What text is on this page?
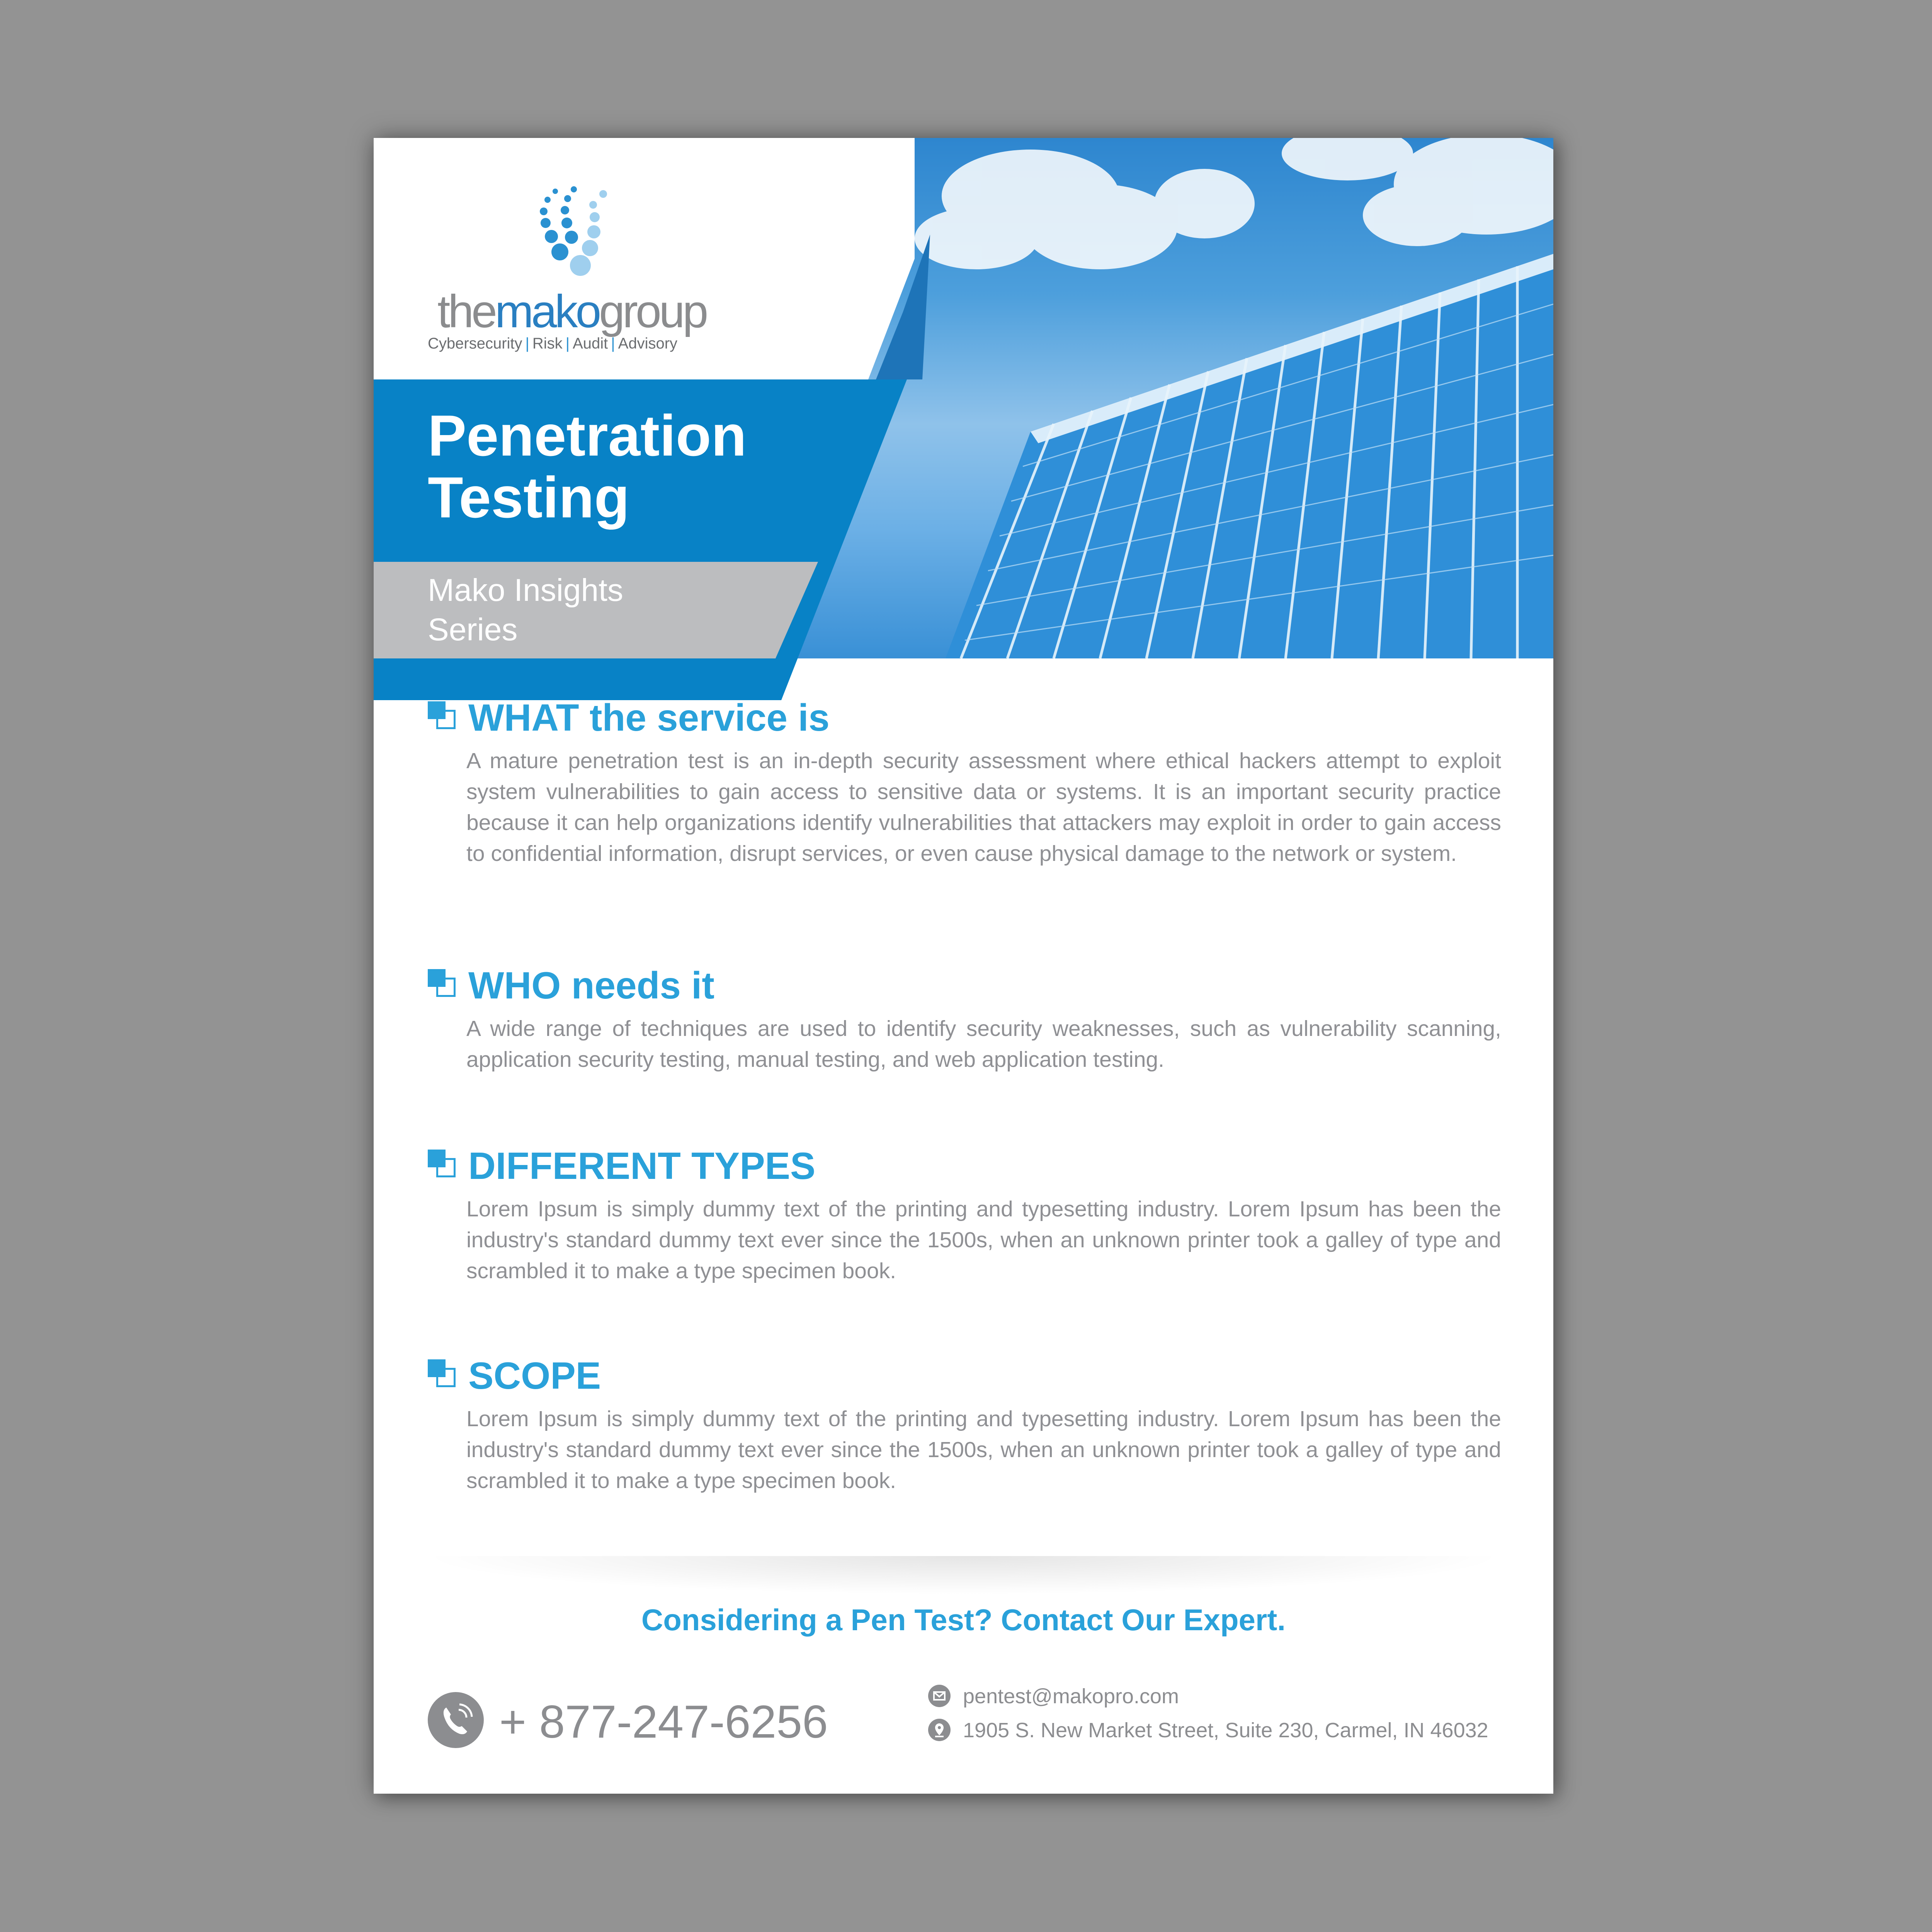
themakogroup
Cybersecurity | Risk | Audit | Advisory
Penetration Testing
Mako Insights Series
WHAT the service is
A mature penetration test is an in-depth security assessment where ethical hackers attempt to exploit system vulnerabilities to gain access to sensitive data or systems. It is an important security practice because it can help organizations identify vulnerabilities that attackers may exploit in order to gain access to confidential information, disrupt services, or even cause physical damage to the network or system.
WHO needs it
A wide range of techniques are used to identify security weaknesses, such as vulnerability scanning, application security testing, manual testing, and web application testing.
DIFFERENT TYPES
Lorem Ipsum is simply dummy text of the printing and typesetting industry. Lorem Ipsum has been the industry's standard dummy text ever since the 1500s, when an unknown printer took a galley of type and scrambled it to make a type specimen book.
SCOPE
Lorem Ipsum is simply dummy text of the printing and typesetting industry. Lorem Ipsum has been the industry's standard dummy text ever since the 1500s, when an unknown printer took a galley of type and scrambled it to make a type specimen book.
Considering a Pen Test? Contact Our Expert.
+ 877-247-6256	pentest@makopro.com
1905 S. New Market Street, Suite 230, Carmel, IN 46032
